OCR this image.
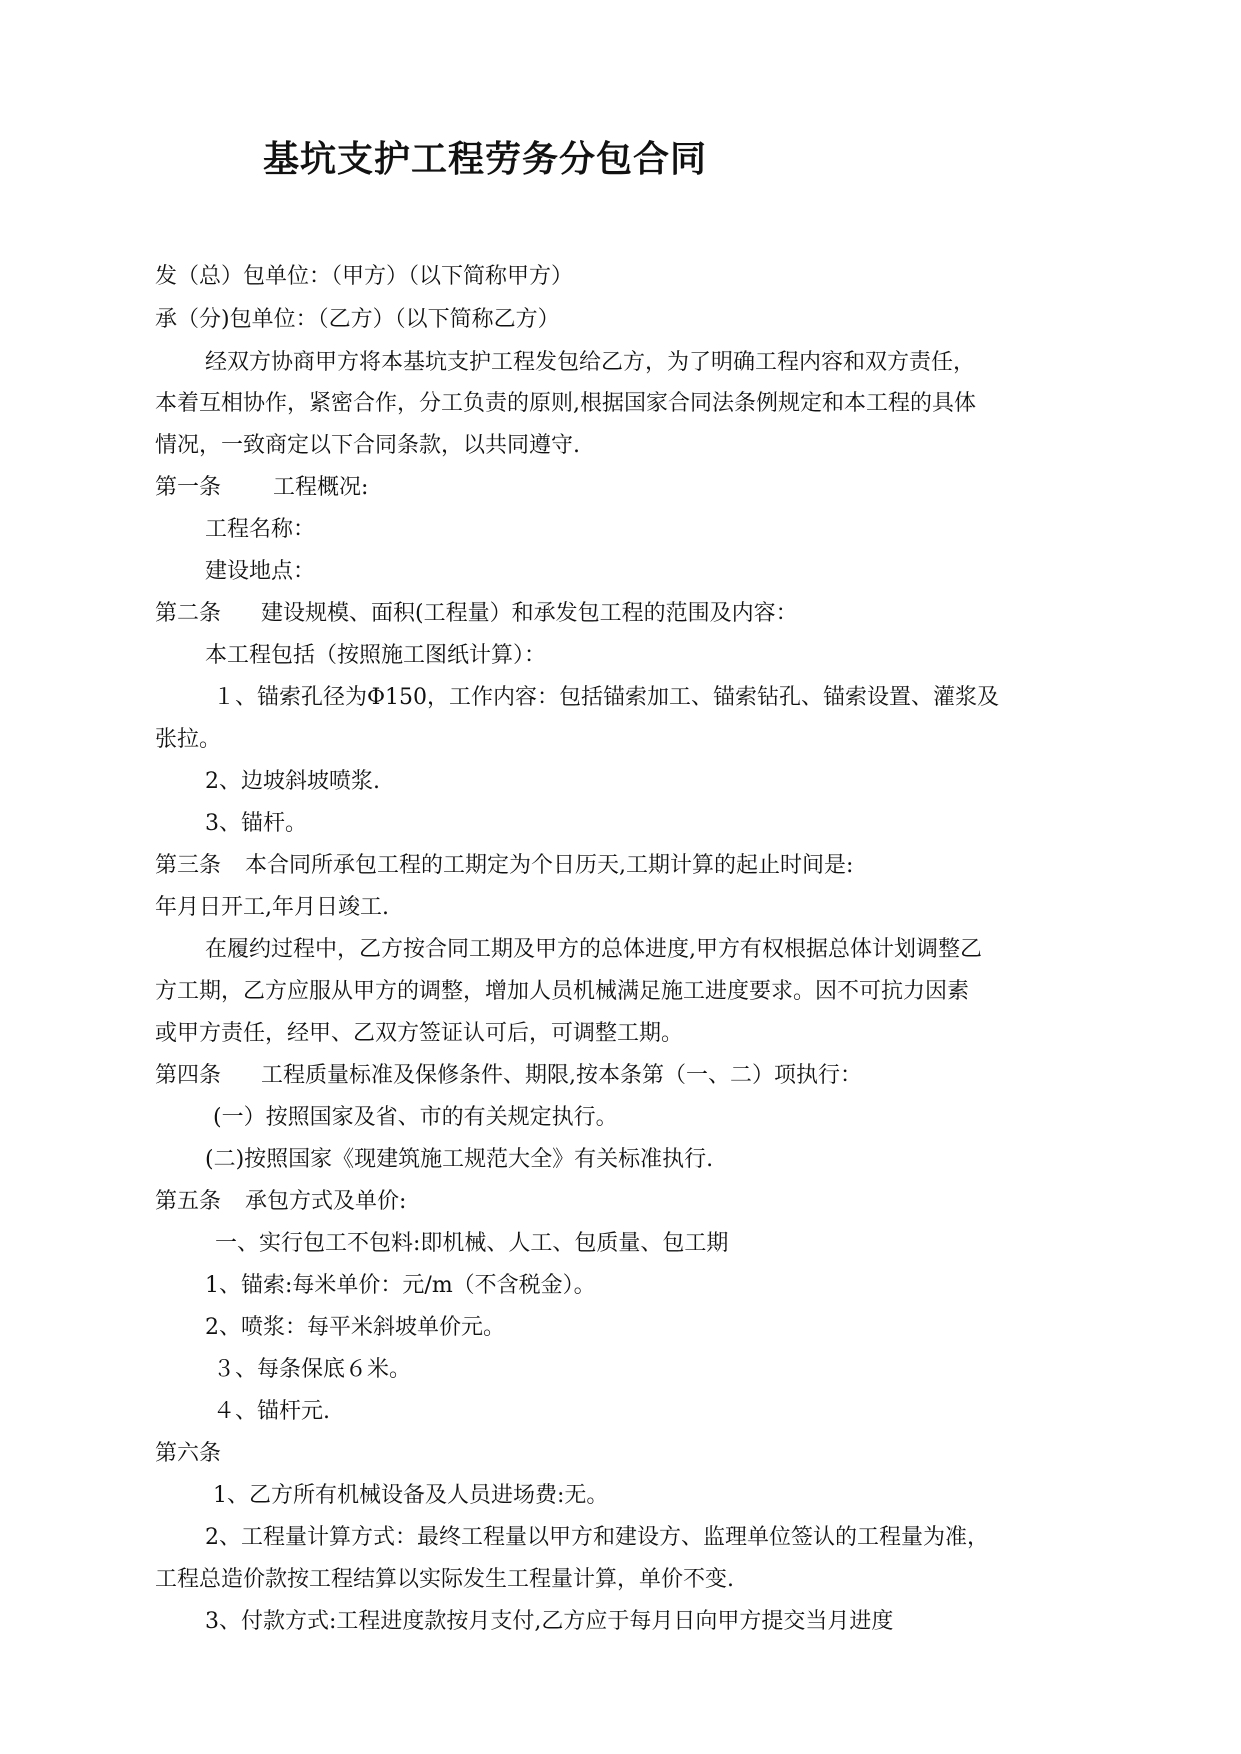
基坑支护工程劳务分包合同
发（总）包单位：（甲方）（以下简称甲方）
承（分)包单位：（乙方）（以下简称乙方）
经双方协商甲方将本基坑支护工程发包给乙方，为了明确工程内容和双方责任，
本着互相协作，紧密合作，分工负责的原则,根据国家合同法条例规定和本工程的具体
情况，一致商定以下合同条款，以共同遵守.
第一条 工程概况:
工程名称：
建设地点：
第二条 建设规模、面积(工程量）和承发包工程的范围及内容：
本工程包括（按照施工图纸计算）：
１、锚索孔径为Φ150，工作内容：包括锚索加工、锚索钻孔、锚索设置、灌浆及
张拉。
2、边坡斜坡喷浆.
3、锚杆。
第三条 本合同所承包工程的工期定为个日历天,工期计算的起止时间是:
年月日开工,年月日竣工.
在履约过程中，乙方按合同工期及甲方的总体进度,甲方有权根据总体计划调整乙
方工期，乙方应服从甲方的调整，增加人员机械满足施工进度要求。因不可抗力因素
或甲方责任，经甲、乙双方签证认可后，可调整工期。
第四条 工程质量标准及保修条件、期限,按本条第（一、二）项执行：
(一）按照国家及省、市的有关规定执行。
(二)按照国家《现建筑施工规范大全》有关标准执行.
第五条 承包方式及单价:
一、实行包工不包料:即机械、人工、包质量、包工期
1、锚索:每米单价：元/m（不含税金）。
2、喷浆：每平米斜坡单价元。
３、每条保底６米。
４、锚杆元.
第六条
1、乙方所有机械设备及人员进场费:无。
2、工程量计算方式：最终工程量以甲方和建设方、监理单位签认的工程量为准，
工程总造价款按工程结算以实际发生工程量计算，单价不变.
3、付款方式:工程进度款按月支付,乙方应于每月日向甲方提交当月进度
